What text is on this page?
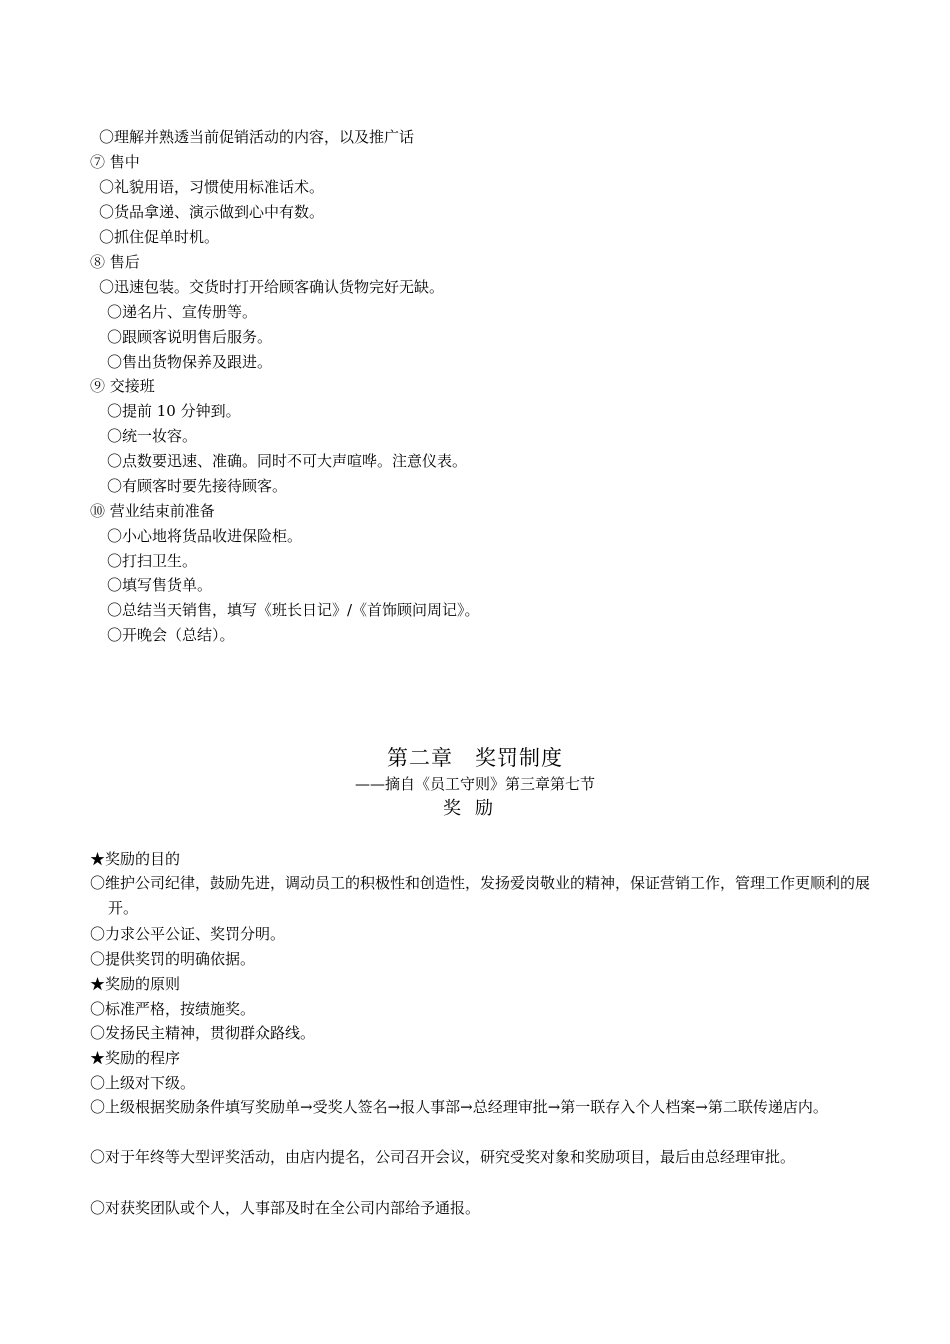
〇理解并熟透当前促销活动的内容，以及推广话
⑦ 售中
〇礼貌用语，习惯使用标准话术。
〇货品拿递、演示做到心中有数。
〇抓住促单时机。
⑧ 售后
〇迅速包装。交货时打开给顾客确认货物完好无缺。
〇递名片、宣传册等。
〇跟顾客说明售后服务。
〇售出货物保养及跟进。
⑨ 交接班
〇提前 10 分钟到。
〇统一妆容。
〇点数要迅速、准确。同时不可大声喧哗。注意仪表。
〇有顾客时要先接待顾客。
⑩ 营业结束前准备
〇小心地将货品收进保险柜。
〇打扫卫生。
〇填写售货单。
〇总结当天销售，填写《班长日记》/《首饰顾问周记》。
〇开晚会（总结）。
第二章　奖罚制度
——摘自《员工守则》第三章第七节
奖励
★奖励的目的
〇维护公司纪律，鼓励先进，调动员工的积极性和创造性，发扬爱岗敬业的精神，保证营销工作，管理工作更顺利的展开。
〇力求公平公证、奖罚分明。
〇提供奖罚的明确依据。
★奖励的原则
〇标准严格，按绩施奖。
〇发扬民主精神，贯彻群众路线。
★奖励的程序
〇上级对下级。
〇上级根据奖励条件填写奖励单→受奖人签名→报人事部→总经理审批→第一联存入个人档案→第二联传递店内。
〇对于年终等大型评奖活动，由店内提名，公司召开会议，研究受奖对象和奖励项目，最后由总经理审批。
〇对获奖团队或个人，人事部及时在全公司内部给予通报。
